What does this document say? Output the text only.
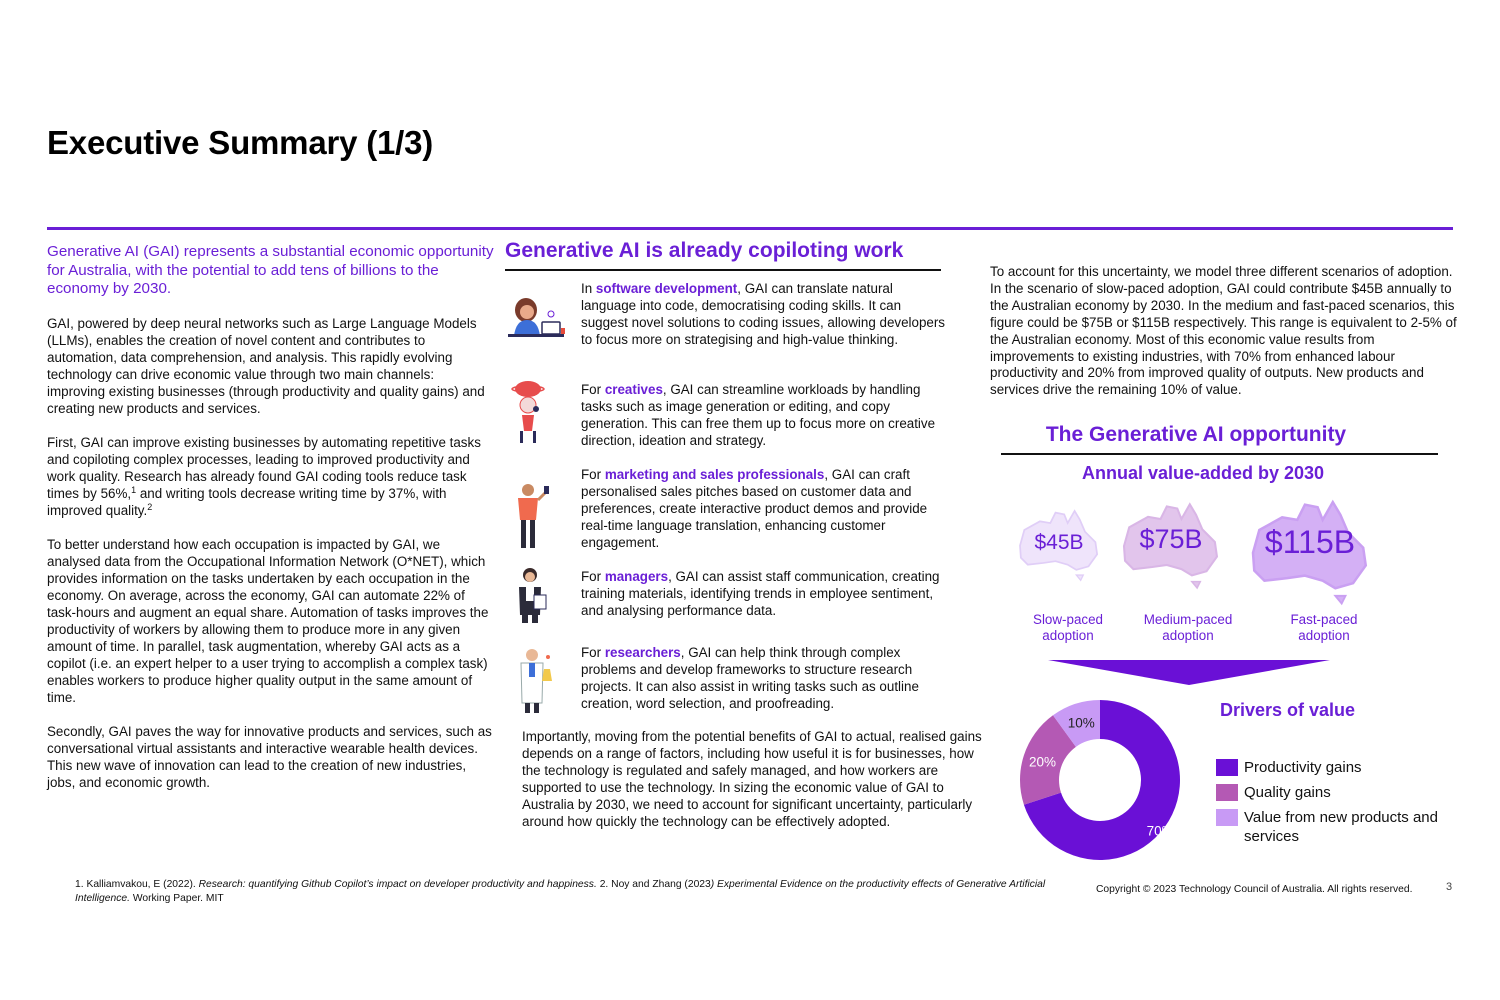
Executive Summary (1/3)

Generative AI (GAI) represents a substantial economic opportunity for Australia, with the potential to add tens of billions to the economy by 2030.

GAI, powered by deep neural networks such as Large Language Models (LLMs), enables the creation of novel content and contributes to automation, data comprehension, and analysis. This rapidly evolving technology can drive economic value through two main channels: improving existing businesses (through productivity and quality gains) and creating new products and services.

First, GAI can improve existing businesses by automating repetitive tasks and copiloting complex processes, leading to improved productivity and work quality. Research has already found GAI coding tools reduce task times by 56%,$^1$ and writing tools decrease writing time by 37%, with improved quality.$^2$

To better understand how each occupation is impacted by GAI, we analysed data from the Occupational Information Network (O*NET), which provides information on the tasks undertaken by each occupation in the economy. On average, across the economy, GAI can automate 22% of task-hours and augment an equal share. Automation of tasks improves the productivity of workers by allowing them to produce more in any given amount of time. In parallel, task augmentation, whereby GAI acts as a copilot (i.e. an expert helper to a user trying to accomplish a complex task) enables workers to produce higher quality output in the same amount of time.

Secondly, GAI paves the way for innovative products and services, such as conversational virtual assistants and interactive wearable health devices. This new wave of innovation can lead to the creation of new industries, jobs, and economic growth.

Generative AI is already copiloting work
In software development, GAI can translate natural language into code, democratising coding skills. It can suggest novel solutions to coding issues, allowing developers to focus more on strategising and high-value thinking.
For creatives, GAI can streamline workloads by handling tasks such as image generation or editing, and copy generation. This can free them up to focus more on creative direction, ideation and strategy.
For marketing and sales professionals, GAI can craft personalised sales pitches based on customer data and preferences, create interactive product demos and provide real-time language translation, enhancing customer engagement.
For managers, GAI can assist staff communication, creating training materials, identifying trends in employee sentiment, and analysing performance data.
For researchers, GAI can help think through complex problems and develop frameworks to structure research projects. It can also assist in writing tasks such as outline creation, word selection, and proofreading.
Importantly, moving from the potential benefits of GAI to actual, realised gains depends on a range of factors, including how useful it is for businesses, how the technology is regulated and safely managed, and how workers are supported to use the technology. In sizing the economic value of GAI to Australia by 2030, we need to account for significant uncertainty, particularly around how quickly the technology can be effectively adopted.
To account for this uncertainty, we model three different scenarios of adoption. In the scenario of slow-paced adoption, GAI could contribute $45B annually to the Australian economy by 2030. In the medium and fast-paced scenarios, this figure could be $75B or $115B respectively. This range is equivalent to 2-5% of the Australian economy. Most of this economic value results from improvements to existing industries, with 70% from enhanced labour productivity and 20% from improved quality of outputs. New products and services drive the remaining 10% of value.
The Generative AI opportunity
Annual value-added by 2030
$45B	$75B	$115B
Slow-paced adoption
Medium-paced adoption
Fast-paced adoption
70%
20%
10%
Drivers of value
Productivity gains
Quality gains
Value from new products and services
1. Kalliamvakou, E (2022). Research: quantifying Github Copilot’s impact on developer productivity and happiness. 2. Noy and Zhang (2023) Experimental Evidence on the productivity effects of Generative Artificial Intelligence. Working Paper. MIT
Copyright © 2023 Technology Council of Australia. All rights reserved.	3
